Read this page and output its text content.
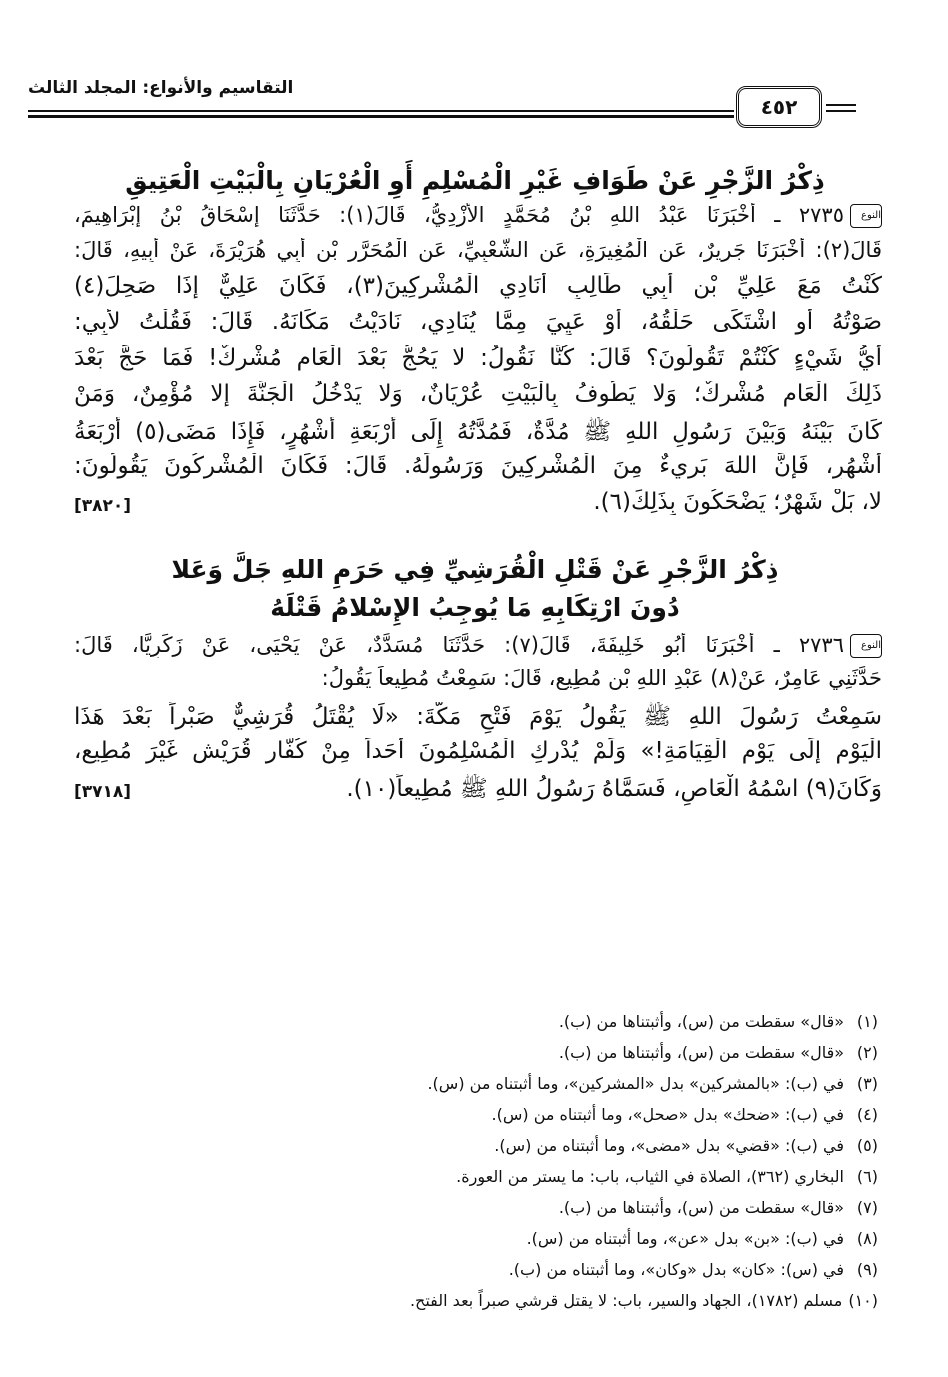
التقاسيم والأنواع: المجلد الثالث
٤٥٢
ذِكْرُ الزَّجْرِ عَنْ طَوَافِ غَيْرِ الْمُسْلِمِ أَوِ الْعُرْيَانِ بِالْبَيْتِ الْعَتِيقِ
النوع٢٧٣٥ ـ أَخْبَرَنَا عَبْدُ اللهِ بْنُ مُحَمَّدٍ الأَزْدِيُّ، قَالَ(١): حَدَّثَنَا إِسْحَاقُ بْنُ إِبْرَاهِيمَ،
قَالَ(٢): أَخْبَرَنَا جَرِيرٌ، عَنِ الْمُغِيرَةِ، عَنِ الشَّعْبِيِّ، عَنِ الْمُحَرَّرِ بْنِ أَبِي هُرَيْرَةَ، عَنْ أَبِيهِ، قَالَ:
كُنْتُ مَعَ عَلِيِّ بْنِ أَبِي طَالِبٍ أُنَادِي الْمُشْرِكِينَ(٣)، فَكَانَ عَلِيٌّ إِذَا صَحِلَ(٤)
صَوْتُهُ أَوِ اشْتَكَى حَلْقُهُ، أَوْ عَيِيَ مِمَّا يُنَادِي، نَادَيْتُ مَكَانَهُ. قَالَ: فَقُلْتُ لأَبِي:
أَيُّ شَيْءٍ كُنْتُمْ تَقُولُونَ؟ قَالَ: كُنَّا نَقُولُ: لا يَحُجُّ بَعْدَ الْعَامِ مُشْرِكٌ! فَمَا حَجَّ بَعْدَ
ذَلِكَ الْعَامِ مُشْرِكٌ؛ وَلا يَطُوفُ بِالْبَيْتِ عُرْيَانٌ، وَلا يَدْخُلُ الْجَنَّةَ إِلا مُؤْمِنٌ، وَمَنْ
كَانَ بَيْنَهُ وَبَيْنَ رَسُولِ اللهِ ﷺ مُدَّةٌ، فَمُدَّتُهُ إِلَى أَرْبَعَةِ أَشْهُرٍ، فَإِذَا مَضَى(٥) أَرْبَعَةُ
أَشْهُرٍ، فَإِنَّ اللهَ بَرِيءٌ مِنَ الْمُشْرِكِينَ وَرَسُولَهُ. قَالَ: فَكَانَ الْمُشْرِكُونَ يَقُولُونَ:
لا، بَلْ شَهْرٌ؛ يَضْحَكُونَ بِذَلِكَ(٦).
[٣٨٢٠]
ذِكْرُ الزَّجْرِ عَنْ قَتْلِ الْقُرَشِيِّ فِي حَرَمِ اللهِ جَلَّ وَعَلا
دُونَ ارْتِكَابِهِ مَا يُوجِبُ الإِسْلامُ قَتْلَهُ
النوع٢٧٣٦ ـ أَخْبَرَنَا أَبُو خَلِيفَةَ، قَالَ(٧): حَدَّثَنَا مُسَدَّدٌ، عَنْ يَحْيَى، عَنْ زَكَرِيَّا، قَالَ:
حَدَّثَنِي عَامِرٌ، عَنْ(٨) عَبْدِ اللهِ بْنِ مُطِيعٍ، قَالَ: سَمِعْتُ مُطِيعاً يَقُولُ:
سَمِعْتُ رَسُولَ اللهِ ﷺ يَقُولُ يَوْمَ فَتْحِ مَكَّةَ: «لَا يُقْتَلُ قُرَشِيٌّ صَبْراً بَعْدَ هَذَا
الْيَوْمِ إِلَى يَوْمِ الْقِيَامَةِ!» وَلَمْ يُدْرِكِ الْمُسْلِمُونَ أَحَداً مِنْ كُفَّارِ قُرَيْشٍ غَيْرَ مُطِيعٍ،
وَكَانَ(٩) اسْمُهُ الْعَاصِ، فَسَمَّاهُ رَسُولُ اللهِ ﷺ مُطِيعاً(١٠).
[٣٧١٨]
(١)«قال» سقطت من (س)، وأثبتناها من (ب).
(٢)«قال» سقطت من (س)، وأثبتناها من (ب).
(٣)في (ب): «بالمشركين» بدل «المشركين»، وما أثبتناه من (س).
(٤)في (ب): «ضحك» بدل «صحل»، وما أثبتناه من (س).
(٥)في (ب): «قضي» بدل «مضى»، وما أثبتناه من (س).
(٦)البخاري (٣٦٢)، الصلاة في الثياب، باب: ما يستر من العورة.
(٧)«قال» سقطت من (س)، وأثبتناها من (ب).
(٨)في (ب): «بن» بدل «عن»، وما أثبتناه من (س).
(٩)في (س): «كان» بدل «وكان»، وما أثبتناه من (ب).
(١٠)مسلم (١٧٨٢)، الجهاد والسير، باب: لا يقتل قرشي صبراً بعد الفتح.
